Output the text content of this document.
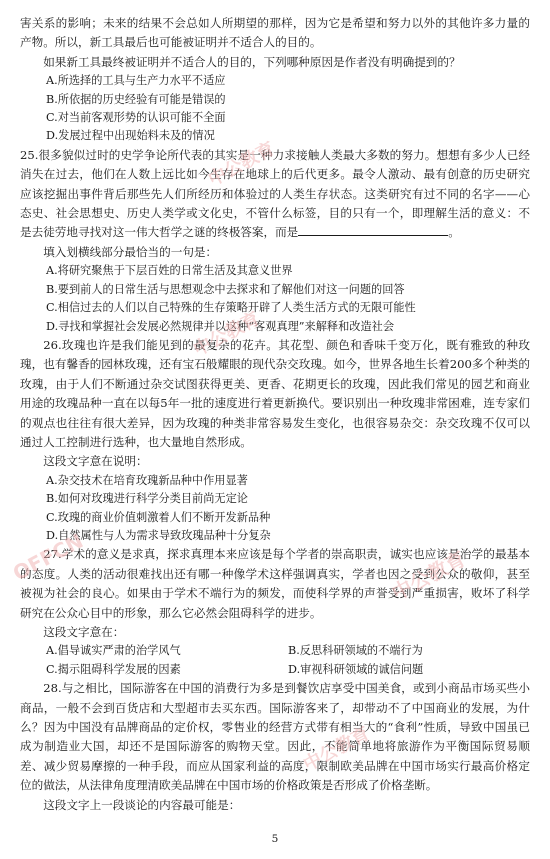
害关系的影响；未来的结果不会总如人所期望的那样，因为它是希望和努力以外的其他许多力量的产物。所以，新工具最后也可能被证明并不适合人的目的。

如果新工具最终被证明并不适合人的目的，下列哪种原因是作者没有明确提到的？

A.所选择的工具与生产力水平不适应

B.所依据的历史经验有可能是错误的

C.对当前客观形势的认识可能不全面

D.发展过程中出现始料未及的情况

25.很多貌似过时的史学争论所代表的其实是一种力求接触人类最大多数的努力。想想有多少人已经消失在过去，他们在人数上远比如今生存在地球上的后代更多。最令人激动、最有创意的历史研究应该挖掘出事件背后那些先人们所经历和体验过的人类生存状态。这类研究有过不同的名字——心态史、社会思想史、历史人类学或文化史，不管什么标签，目的只有一个，即理解生活的意义：不是去徒劳地寻找对这一伟大哲学之谜的终极答案，而是	。

填入划横线部分最恰当的一句是：

A.将研究聚焦于下层百姓的日常生活及其意义世界

B.要到前人的日常生活与思想观念中去探求和了解他们对这一问题的回答

C.相信过去的人们以自己特殊的生存策略开辟了人类生活方式的无限可能性

D.寻找和掌握社会发展必然规律并以这种“客观真理”来解释和改造社会

26.玫瑰也许是我们能见到的最复杂的花卉。其花型、颜色和香味千变万化，既有雅致的种玫瑰，也有馨香的园林玫瑰，还有宝石般耀眼的现代杂交玫瑰。如今，世界各地生长着200多个种类的玫瑰，由于人们不断通过杂交试图获得更美、更香、花期更长的玫瑰，因此我们常见的园艺和商业用途的玫瑰品种一直在以每5年一批的速度进行着更新换代。要识别出一种玫瑰非常困难，连专家们的观点也往往有很大差异，因为玫瑰的种类非常容易发生变化，也很容易杂交：杂交玫瑰不仅可以通过人工控制进行选种，也大量地自然形成。

这段文字意在说明：

A.杂交技术在培育玫瑰新品种中作用显著

B.如何对玫瑰进行科学分类目前尚无定论

C.玫瑰的商业价值刺激着人们不断开发新品种

D.自然属性与人为需求导致玫瑰品种十分复杂

27.学术的意义是求真，探求真理本来应该是每个学者的崇高职责，诚实也应该是治学的最基本的态度。人类的活动很难找出还有哪一种像学术这样强调真实，学者也因之受到公众的敬仰，甚至被视为社会的良心。如果由于学术不端行为的频发，而使科学界的声誉受到严重损害，败坏了科学研究在公众心目中的形象，那么它必然会阻碍科学的进步。

这段文字意在：

A.倡导诚实严肃的治学风气	B.反思科研领域的不端行为
C.揭示阻碍科学发展的因素	D.审视科研领域的诚信问题

28.与之相比，国际游客在中国的消费行为多是到餐饮店享受中国美食，或到小商品市场买些小商品，一般不会到百货店和大型超市去买东西。国际游客来了，却带动不了中国商业的发展，为什么？因为中国没有品牌商品的定价权，零售业的经营方式带有相当大的“食利”性质，导致中国虽已成为制造业大国，却还不是国际游客的购物天堂。因此，不能简单地将旅游作为平衡国际贸易顺差、减少贸易摩擦的一种手段，而应从国家利益的高度，限制欧美品牌在中国市场实行最高价格定位的做法，从法律角度理清欧美品牌在中国市场的价格政策是否形成了价格垄断。

这段文字上一段谈论的内容最可能是：

5
中公教育
中公教育
OFFCN	中公教育
中公教育
